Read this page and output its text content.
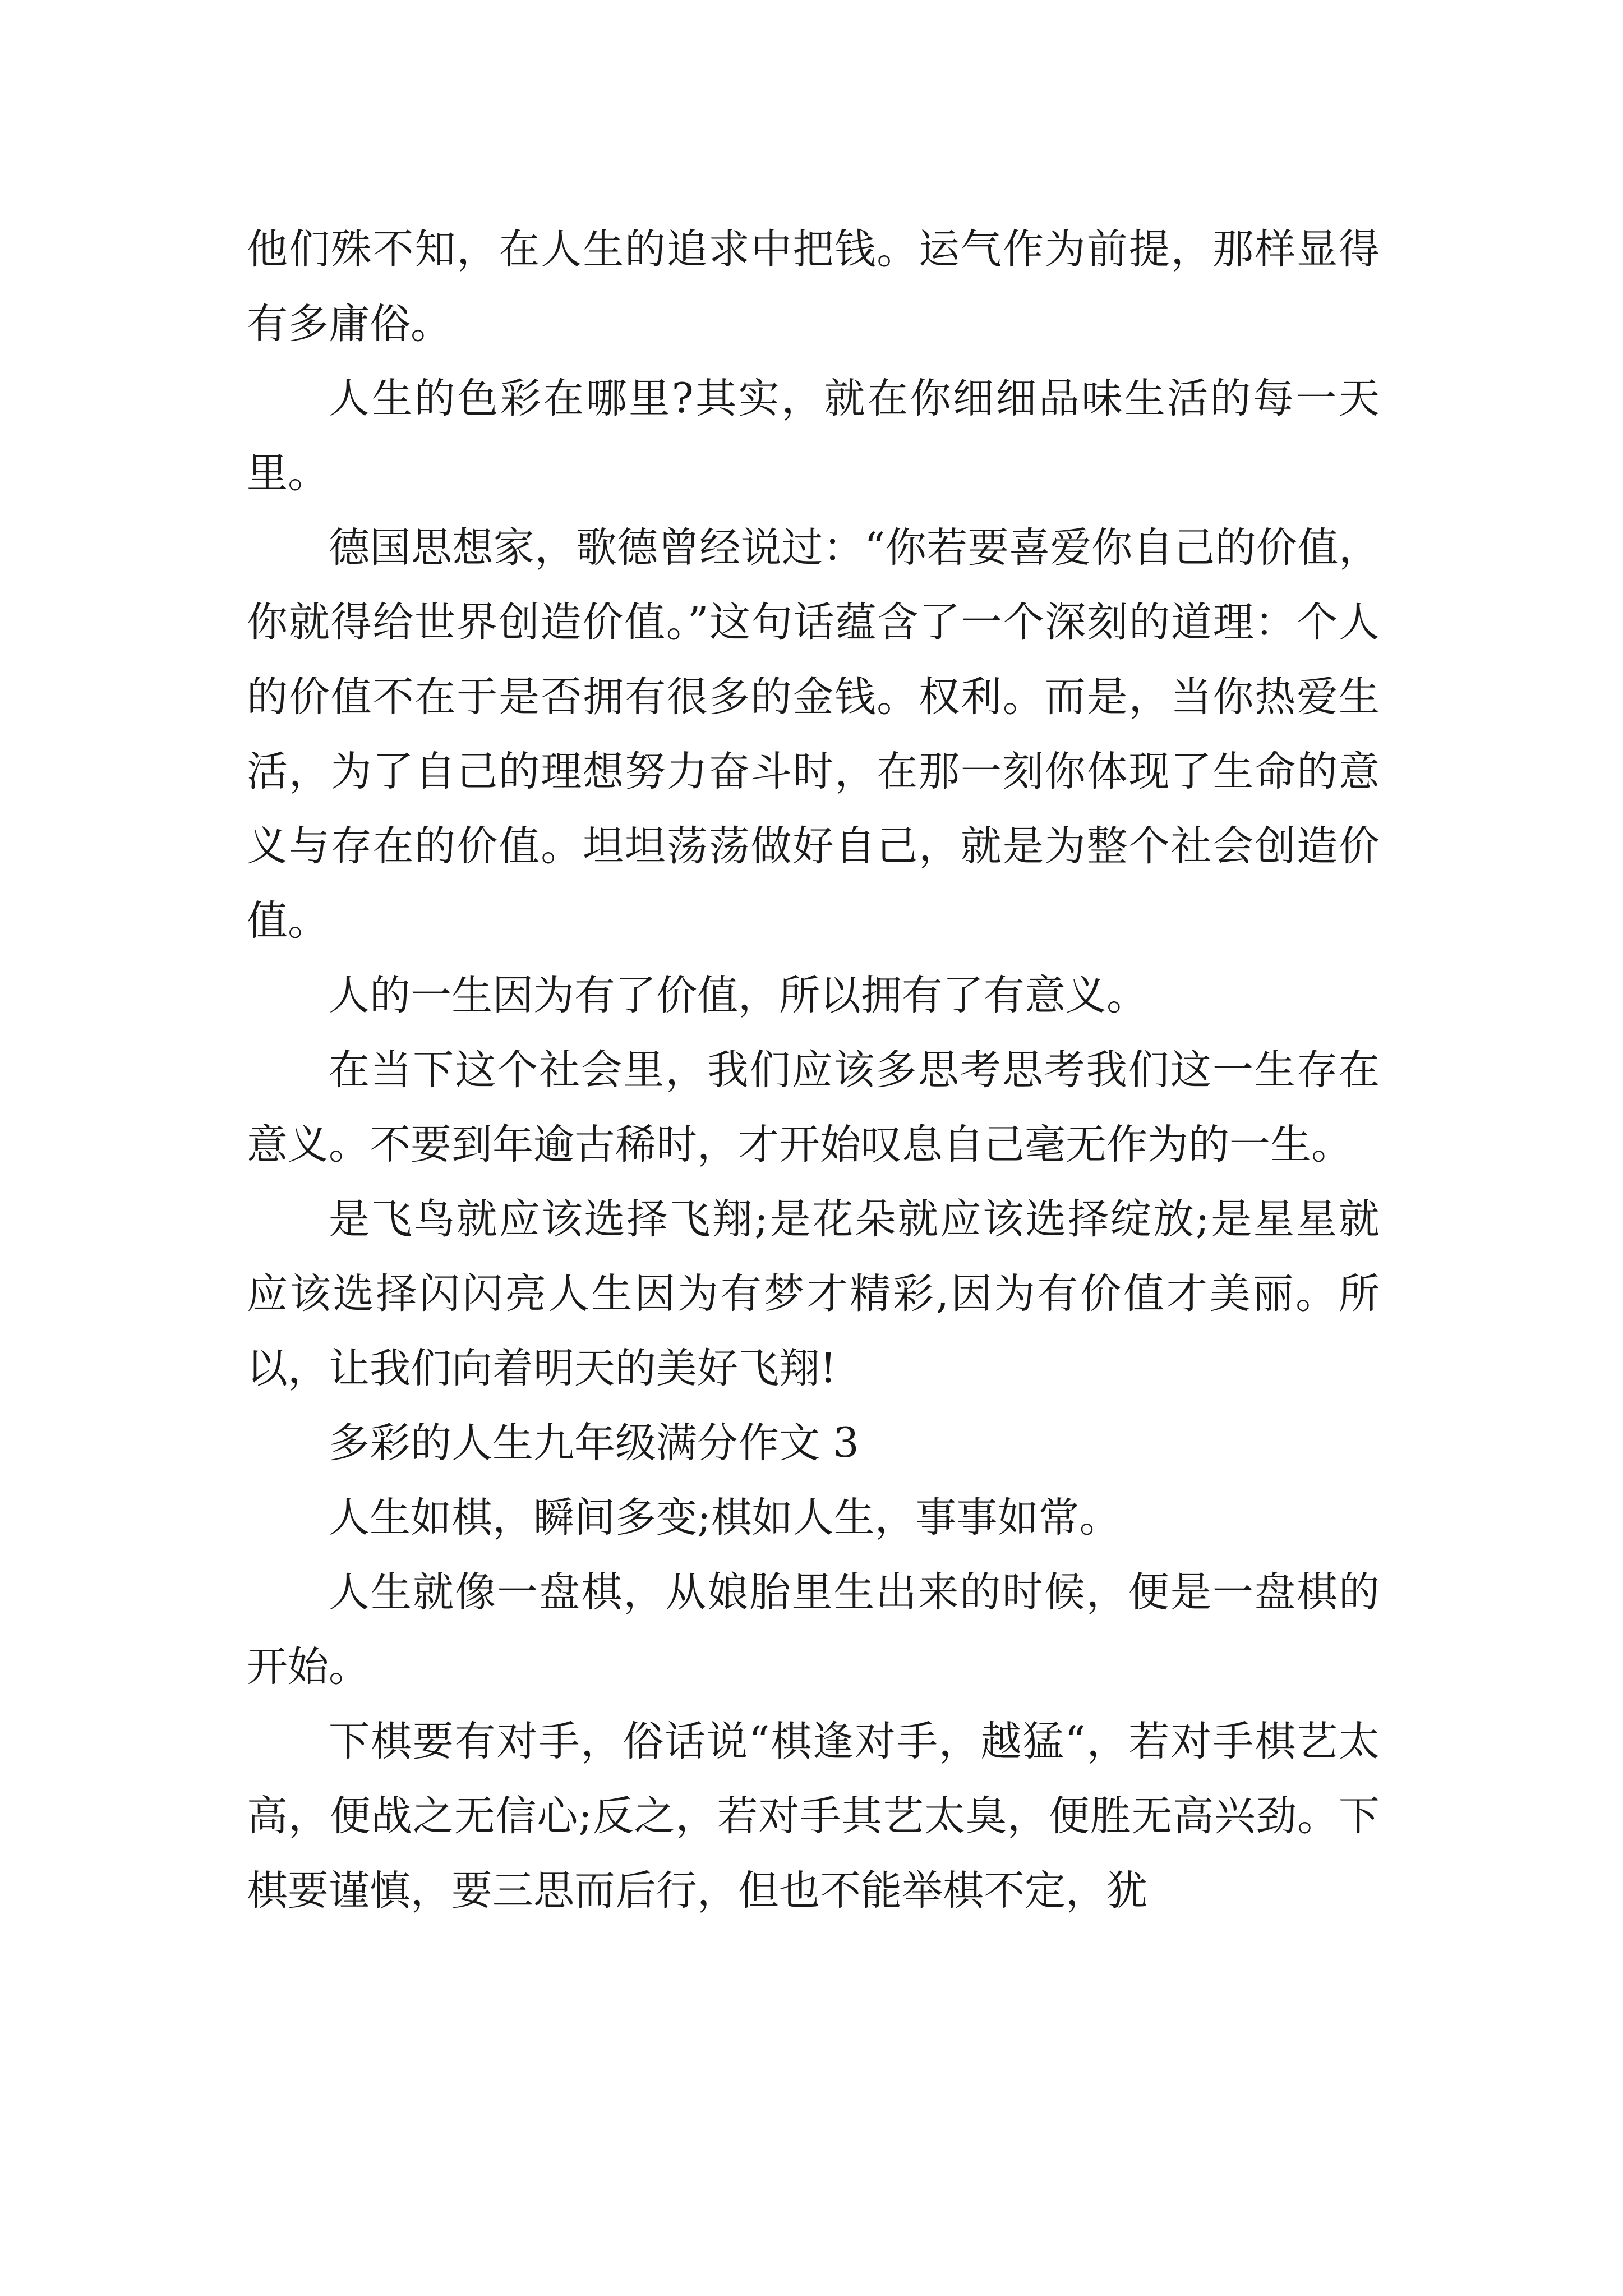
他们殊不知，在人生的追求中把钱。运气作为前提，那样显得有多庸俗。

人生的色彩在哪里?其实，就在你细细品味生活的每一天里。

德国思想家，歌德曾经说过：“你若要喜爱你自己的价值，你就得给世界创造价值。”这句话蕴含了一个深刻的道理：个人的价值不在于是否拥有很多的金钱。权利。而是，当你热爱生活，为了自己的理想努力奋斗时，在那一刻你体现了生命的意义与存在的价值。坦坦荡荡做好自己，就是为整个社会创造价值。

人的一生因为有了价值，所以拥有了有意义。

在当下这个社会里，我们应该多思考思考我们这一生存在意义。不要到年逾古稀时，才开始叹息自己毫无作为的一生。

是飞鸟就应该选择飞翔;是花朵就应该选择绽放;是星星就应该选择闪闪亮人生因为有梦才精彩,因为有价值才美丽。所以，让我们向着明天的美好飞翔!

多彩的人生九年级满分作文 3

人生如棋，瞬间多变;棋如人生，事事如常。

人生就像一盘棋，从娘胎里生出来的时候，便是一盘棋的开始。

下棋要有对手，俗话说“棋逢对手，越猛“，若对手棋艺太高，便战之无信心;反之，若对手其艺太臭，便胜无高兴劲。下棋要谨慎，要三思而后行，但也不能举棋不定，犹
